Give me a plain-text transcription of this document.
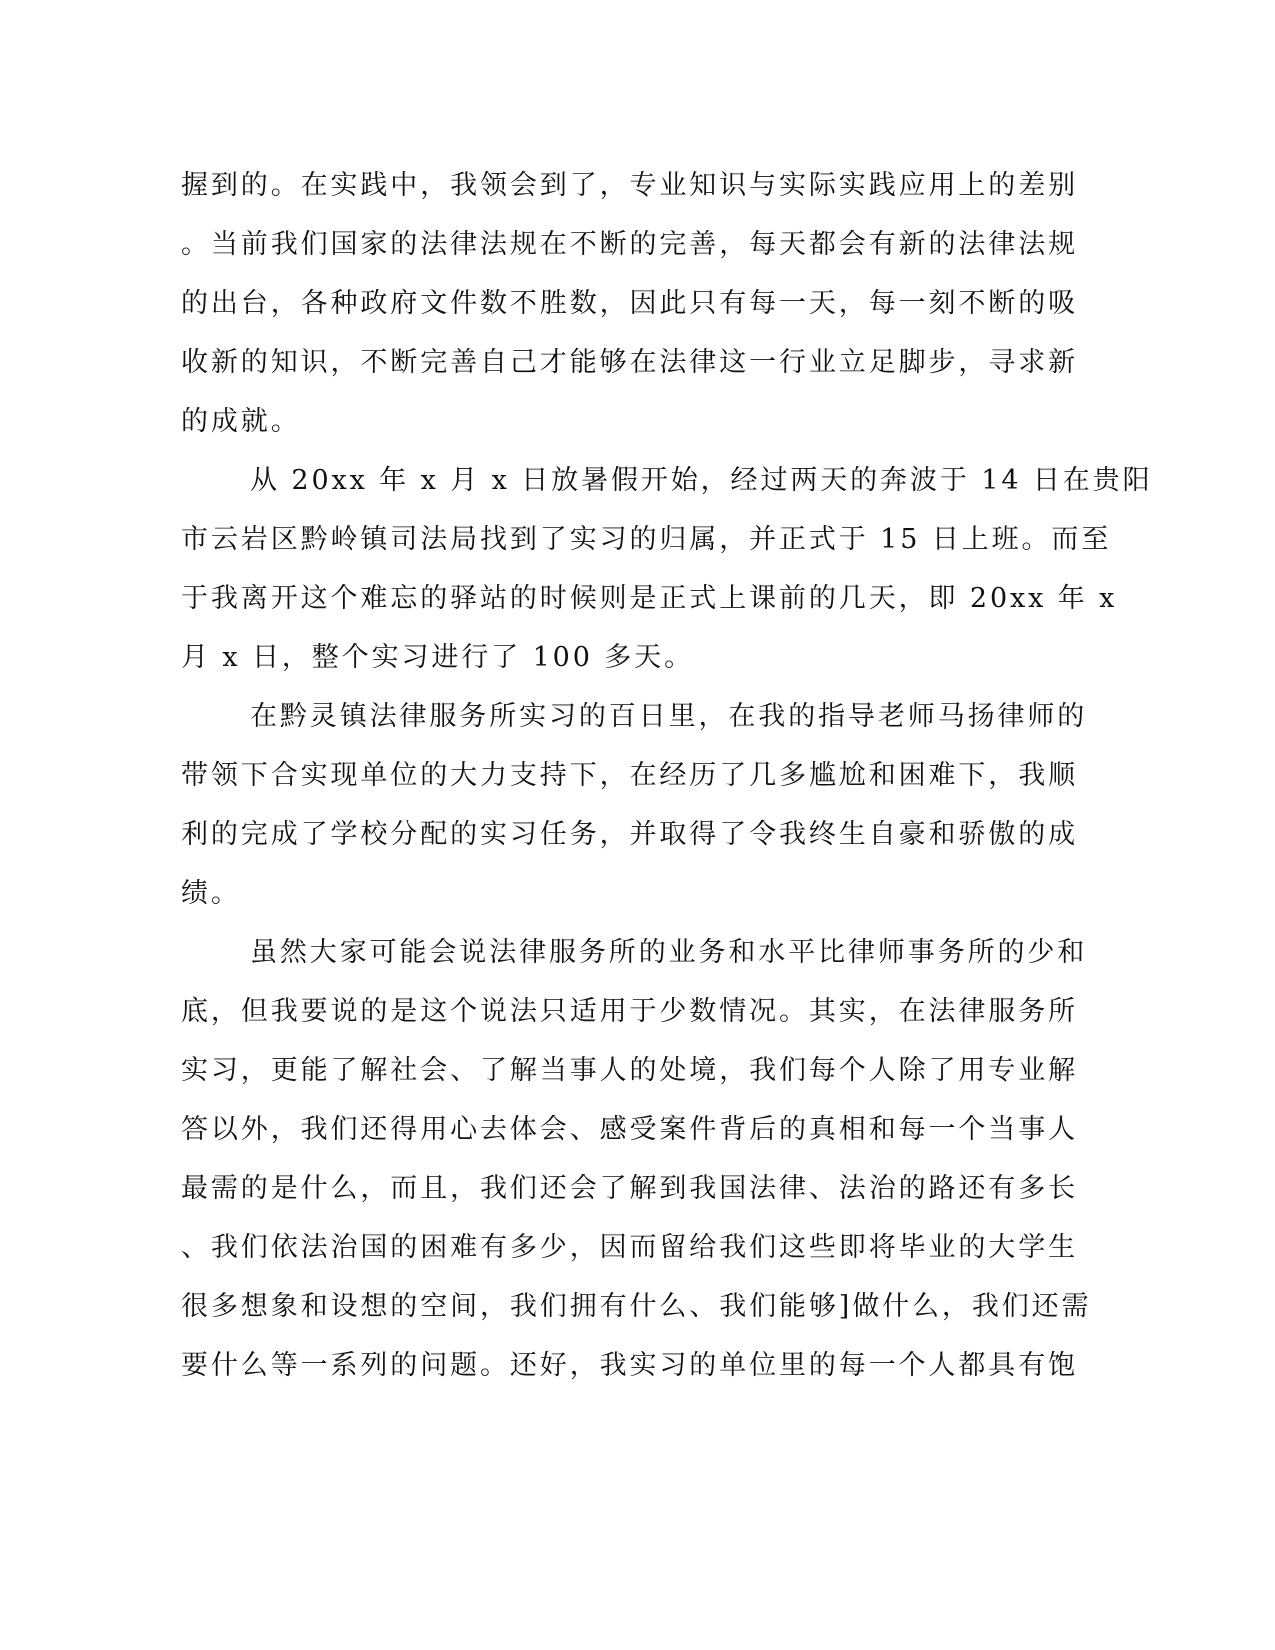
握到的。在实践中，我领会到了，专业知识与实际实践应用上的差别
。当前我们国家的法律法规在不断的完善，每天都会有新的法律法规
的出台，各种政府文件数不胜数，因此只有每一天，每一刻不断的吸
收新的知识，不断完善自己才能够在法律这一行业立足脚步，寻求新
的成就。
从 20xx 年 x 月 x 日放暑假开始，经过两天的奔波于 14 日在贵阳
市云岩区黔岭镇司法局找到了实习的归属，并正式于 15 日上班。而至
于我离开这个难忘的驿站的时候则是正式上课前的几天，即 20xx 年 x
月 x 日，整个实习进行了 100 多天。
在黔灵镇法律服务所实习的百日里，在我的指导老师马扬律师的
带领下合实现单位的大力支持下，在经历了几多尴尬和困难下，我顺
利的完成了学校分配的实习任务，并取得了令我终生自豪和骄傲的成
绩。
虽然大家可能会说法律服务所的业务和水平比律师事务所的少和
底，但我要说的是这个说法只适用于少数情况。其实，在法律服务所
实习，更能了解社会、了解当事人的处境，我们每个人除了用专业解
答以外，我们还得用心去体会、感受案件背后的真相和每一个当事人
最需的是什么，而且，我们还会了解到我国法律、法治的路还有多长
、我们依法治国的困难有多少，因而留给我们这些即将毕业的大学生
很多想象和设想的空间，我们拥有什么、我们能够]做什么，我们还需
要什么等一系列的问题。还好，我实习的单位里的每一个人都具有饱
